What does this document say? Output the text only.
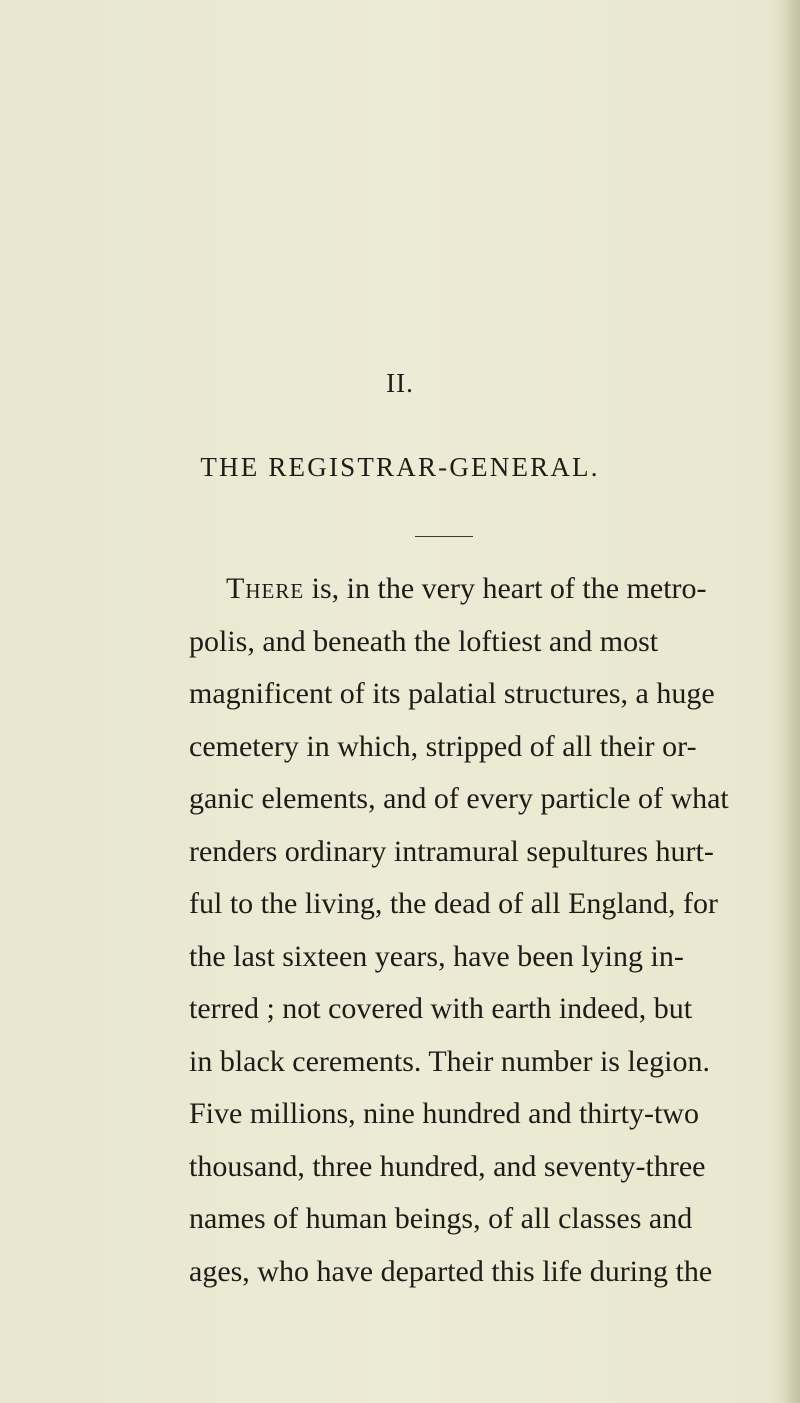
II.
THE REGISTRAR-GENERAL.
There is, in the very heart of the metro-
polis, and beneath the loftiest and most
magnificent of its palatial structures, a huge
cemetery in which, stripped of all their or-
ganic elements, and of every particle of what
renders ordinary intramural sepultures hurt-
ful to the living, the dead of all England, for
the last sixteen years, have been lying in-
terred ; not covered with earth indeed, but
in black cerements. Their number is legion.
Five millions, nine hundred and thirty-two
thousand, three hundred, and seventy-three
names of human beings, of all classes and
ages, who have departed this life during the
